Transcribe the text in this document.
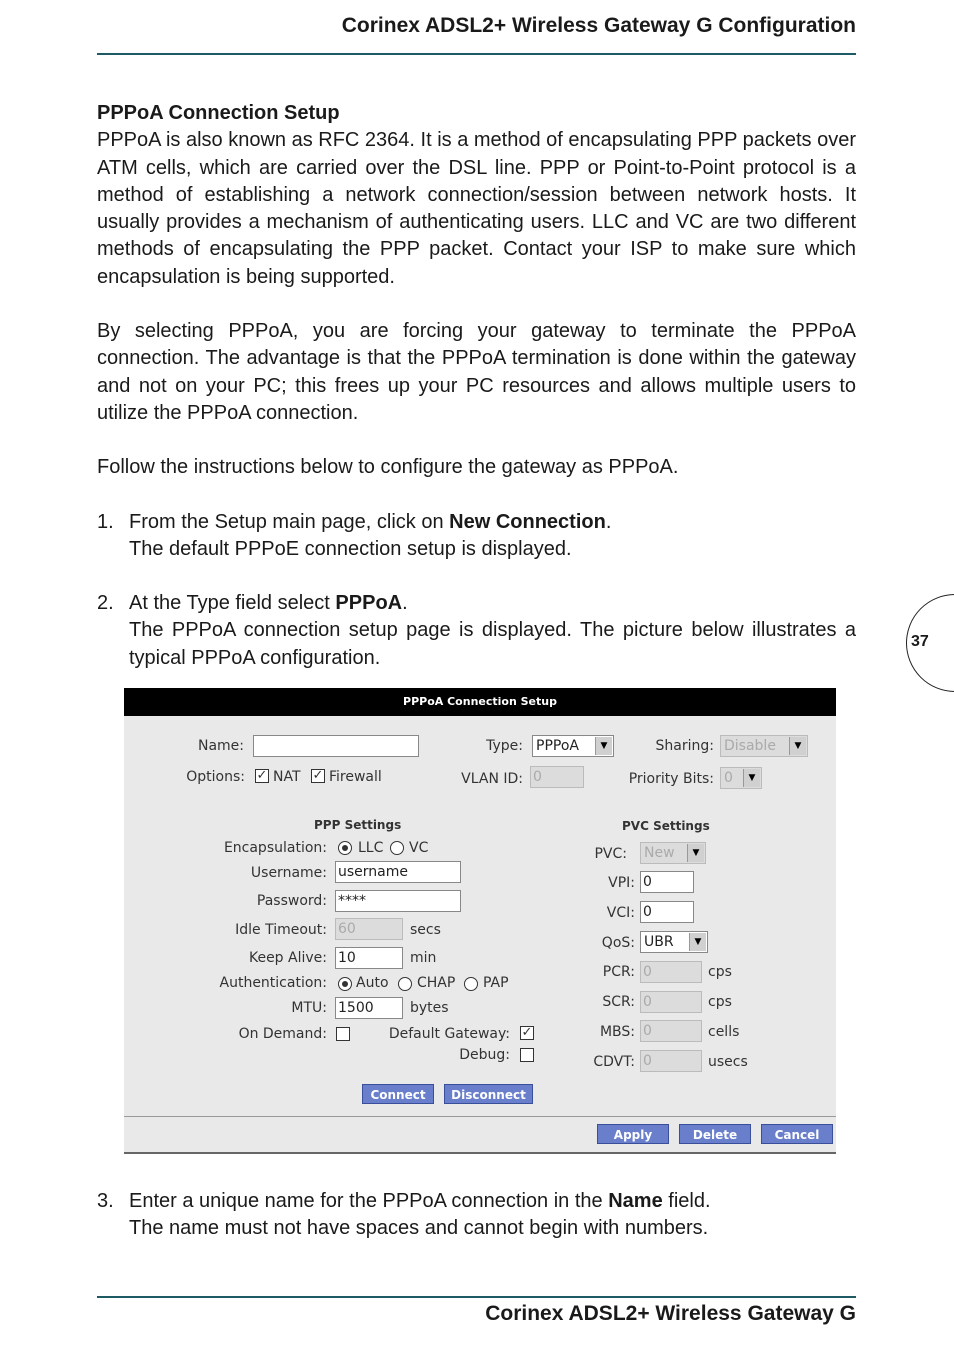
Corinex ADSL2+ Wireless Gateway G Configuration
PPPoA Connection Setup
PPPoA is also known as RFC 2364. It is a method of encapsulating PPP packets over ATM cells, which are carried over the DSL line. PPP or Point-to-Point protocol is a method of establishing a network connection/session between network hosts. It usually provides a mechanism of authenticating users. LLC and VC are two different methods of encapsulating the PPP packet. Contact your ISP to make sure which encapsulation is being supported.
By selecting PPPoA, you are forcing your gateway to terminate the PPPoA connection. The advantage is that the PPPoA termination is done within the gateway and not on your PC; this frees up your PC resources and allows multiple users to utilize the PPPoA connection.
Follow the instructions below to configure the gateway as PPPoA.
1. From the Setup main page, click on New Connection.
The default PPPoE connection setup is displayed.
2. At the Type field select PPPoA.
The PPPoA connection setup page is displayed. The picture below illustrates a typical PPPoA configuration.
37
PPPoA Connection Setup
Name:	Type: PPPoA	▼	Sharing: Disable	▼
Options: ✓ NAT ✓ Firewall	VLAN ID: 0	Priority Bits: 0	▼
PPP Settings
Encapsulation: LLC VC
Username: username
Password: ****
Idle Timeout: 60	secs
Keep Alive: 10	min
Authentication: Auto CHAP PAP
MTU: 1500	bytes
On Demand:	Default Gateway: ✓
Debug:
Connect	Disconnect
PVC Settings
PVC: New	▼
VPI: 0
VCI: 0
QoS: UBR	▼
PCR: 0	cps
SCR: 0	cps
MBS: 0	cells
CDVT: 0	usecs
Apply	Delete	Cancel
3. Enter a unique name for the PPPoA connection in the Name field.
The name must not have spaces and cannot begin with numbers.
Corinex ADSL2+ Wireless Gateway G
